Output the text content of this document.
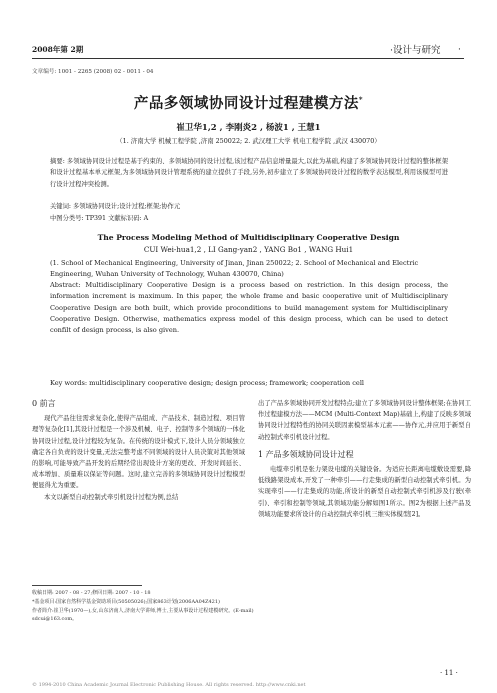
2008年第 2期	·设计与研究 ·
文章编号: 1001 - 2265 (2008) 02 - 0011 - 04
产品多领域协同设计过程建模方法*
崔卫华1,2 , 李刚炎2 , 杨波1 , 王慧1
（1. 济南大学 机械工程学院 ,济南 250022; 2. 武汉理工大学 机电工程学院 ,武汉 430070）
摘要: 多领域协同设计过程是基于约束的、多领域协同的设计过程,该过程产品信息增量最大,以此为基础,构建了多领域协同设计过程的整体框架和设计过程基本单元框架,为多领域协同设计管理系统的建立提供了手段,另外,初步建立了多领域协同设计过程的数学表达模型,利用该模型可进行设计过程冲突检测。
关键词: 多领域协同设计;设计过程;框架;协作元
中图分类号: TP391 文献标识码: A
The Process Modeling Method of Multidisciplinary Cooperative Design
CUI Wei-hua1,2 , LI Gang-yan2 , YANG Bo1 , WANG Hui1
(1. School of Mechanical Engineering, University of Jinan, Jinan 250022; 2. School of Mechanical and Electric Engineering, Wuhan University of Technology, Wuhan 430070, China)
Abstract: Multidisciplinary Cooperative Design is a process based on restriction. In this design process, the information increment is maximum. In this paper, the whole frame and basic cooperative unit of Multidisciplinary Cooperative Design are both built, which provide proconditions to build management system for Multidisciplinary Cooperative Design. Otherwise, mathematics express model of this design process, which can be used to detect confilt of design process, is also given.
Key words: multidisciplinary cooperative design; design process; framework; cooperation cell

0 前言

现代产品往往需求复杂化,使得产品组成、产品技术、制造过程、项目管理等复杂化[1],其设计过程是一个涉及机械、电子、控制等多个领域的一体化协同设计过程,设计过程较为复杂。在传统的设计模式下,设计人员分领域独立确定各自负责的设计变量,无法完整考虑不同领域的设计人员决策对其他领域的影响,可能导致产品开发的后期经常出现设计方案的更改、开发时间延长、成本增加、质量难以保证等问题。这时,建立完善的多领域协同设计过程模型便显得尤为重要。

本文以新型自动控制式牵引机设计过程为例,总结

出了产品多领域协同开发过程特点;建立了多领域协同设计整体框架;在协同工作过程建模方法——MCM (Multi-Context Map)基础上,构建了反映多领域协同设计过程特性的协同关联因素模型基本元素——协作元,并应用于新型自动控制式牵引机设计过程。

1 产品多领域协同设计过程

电缆牵引机是张力架设电缆的关键设备。为适应长距离电缆敷设需要,降低线路架设成本,开发了一种牵引——行走集成的新型自动控制式牵引机。为实现牵引——行走集成的功能,所设计的新型自动控制式牵引机涉及行驶(牵引)、牵引和控制等领域,其领域功能分解如图1所示。图2为根据上述产品及领域功能要求所设计的自动控制式牵引机三维实体模型[2]。

收稿日期: 2007 - 08 - 27;修回日期: 2007 - 10 - 18
*基金项目:国家自然科学基金资助项目(50505026);国家863计划(2006AA04Z421)
作者简介:崔卫华(1970—),女,山东济南人,济南大学讲师,博士,主要从事设计过程建模研究。(E-mail) sdcui@163.com。
· 11 ·
© 1994-2010 China Academic Journal Electronic Publishing House. All rights reserved. http://www.cnki.net
